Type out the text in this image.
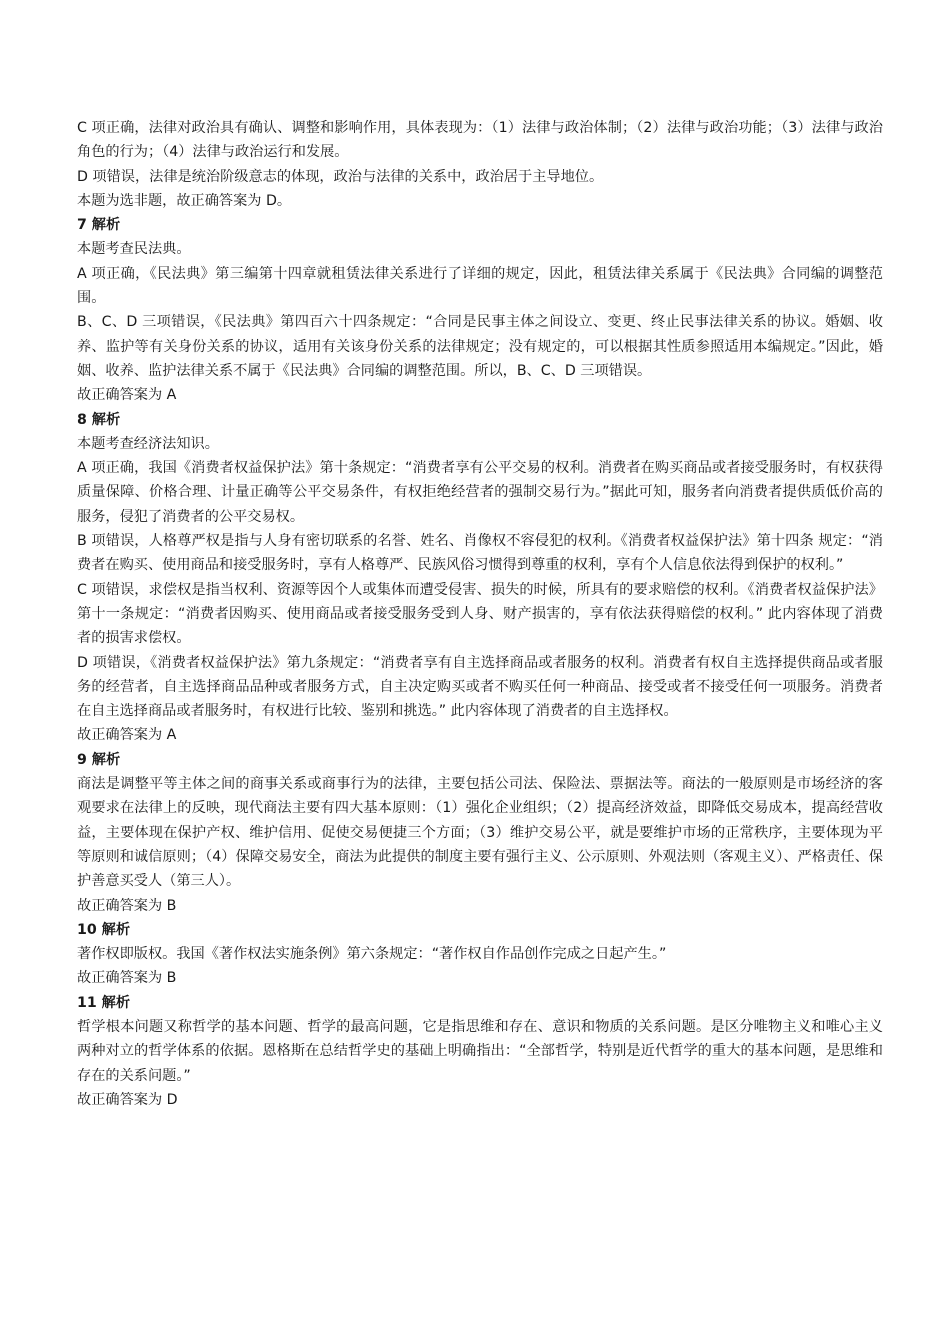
C 项正确，法律对政治具有确认、调整和影响作用，具体表现为：（1）法律与政治体制；（2）法律与政治功能；（3）法律与政治角色的行为；（4）法律与政治运行和发展。

D 项错误，法律是统治阶级意志的体现，政治与法律的关系中，政治居于主导地位。

本题为选非题，故正确答案为 D。

7 解析

本题考查民法典。

A 项正确，《民法典》第三编第十四章就租赁法律关系进行了详细的规定，因此，租赁法律关系属于《民法典》合同编的调整范围。

B、C、D 三项错误，《民法典》第四百六十四条规定：“合同是民事主体之间设立、变更、终止民事法律关系的协议。婚姻、收养、监护等有关身份关系的协议，适用有关该身份关系的法律规定；没有规定的，可以根据其性质参照适用本编规定。”因此，婚姻、收养、监护法律关系不属于《民法典》合同编的调整范围。所以，B、C、D 三项错误。

故正确答案为 A

8 解析

本题考查经济法知识。

A 项正确，我国《消费者权益保护法》第十条规定：“消费者享有公平交易的权利。消费者在购买商品或者接受服务时，有权获得质量保障、价格合理、计量正确等公平交易条件，有权拒绝经营者的强制交易行为。”据此可知，服务者向消费者提供质低价高的服务，侵犯了消费者的公平交易权。

B 项错误，人格尊严权是指与人身有密切联系的名誉、姓名、肖像权不容侵犯的权利。《消费者权益保护法》第十四条 规定：“消费者在购买、使用商品和接受服务时，享有人格尊严、民族风俗习惯得到尊重的权利，享有个人信息依法得到保护的权利。”

C 项错误，求偿权是指当权利、资源等因个人或集体而遭受侵害、损失的时候，所具有的要求赔偿的权利。《消费者权益保护法》第十一条规定：“消费者因购买、使用商品或者接受服务受到人身、财产损害的，享有依法获得赔偿的权利。” 此内容体现了消费者的损害求偿权。

D 项错误，《消费者权益保护法》第九条规定：“消费者享有自主选择商品或者服务的权利。消费者有权自主选择提供商品或者服务的经营者，自主选择商品品种或者服务方式，自主决定购买或者不购买任何一种商品、接受或者不接受任何一项服务。消费者在自主选择商品或者服务时，有权进行比较、鉴别和挑选。” 此内容体现了消费者的自主选择权。

故正确答案为 A

9 解析

商法是调整平等主体之间的商事关系或商事行为的法律，主要包括公司法、保险法、票据法等。商法的一般原则是市场经济的客观要求在法律上的反映，现代商法主要有四大基本原则：（1）强化企业组织；（2）提高经济效益，即降低交易成本，提高经营收益，主要体现在保护产权、维护信用、促使交易便捷三个方面；（3）维护交易公平，就是要维护市场的正常秩序，主要体现为平等原则和诚信原则；（4）保障交易安全，商法为此提供的制度主要有强行主义、公示原则、外观法则（客观主义）、严格责任、保护善意买受人（第三人）。

故正确答案为 B

10 解析

著作权即版权。我国《著作权法实施条例》第六条规定：“著作权自作品创作完成之日起产生。”

故正确答案为 B

11 解析

哲学根本问题又称哲学的基本问题、哲学的最高问题，它是指思维和存在、意识和物质的关系问题。是区分唯物主义和唯心主义两种对立的哲学体系的依据。恩格斯在总结哲学史的基础上明确指出：“全部哲学，特别是近代哲学的重大的基本问题，是思维和存在的关系问题。”

故正确答案为 D
